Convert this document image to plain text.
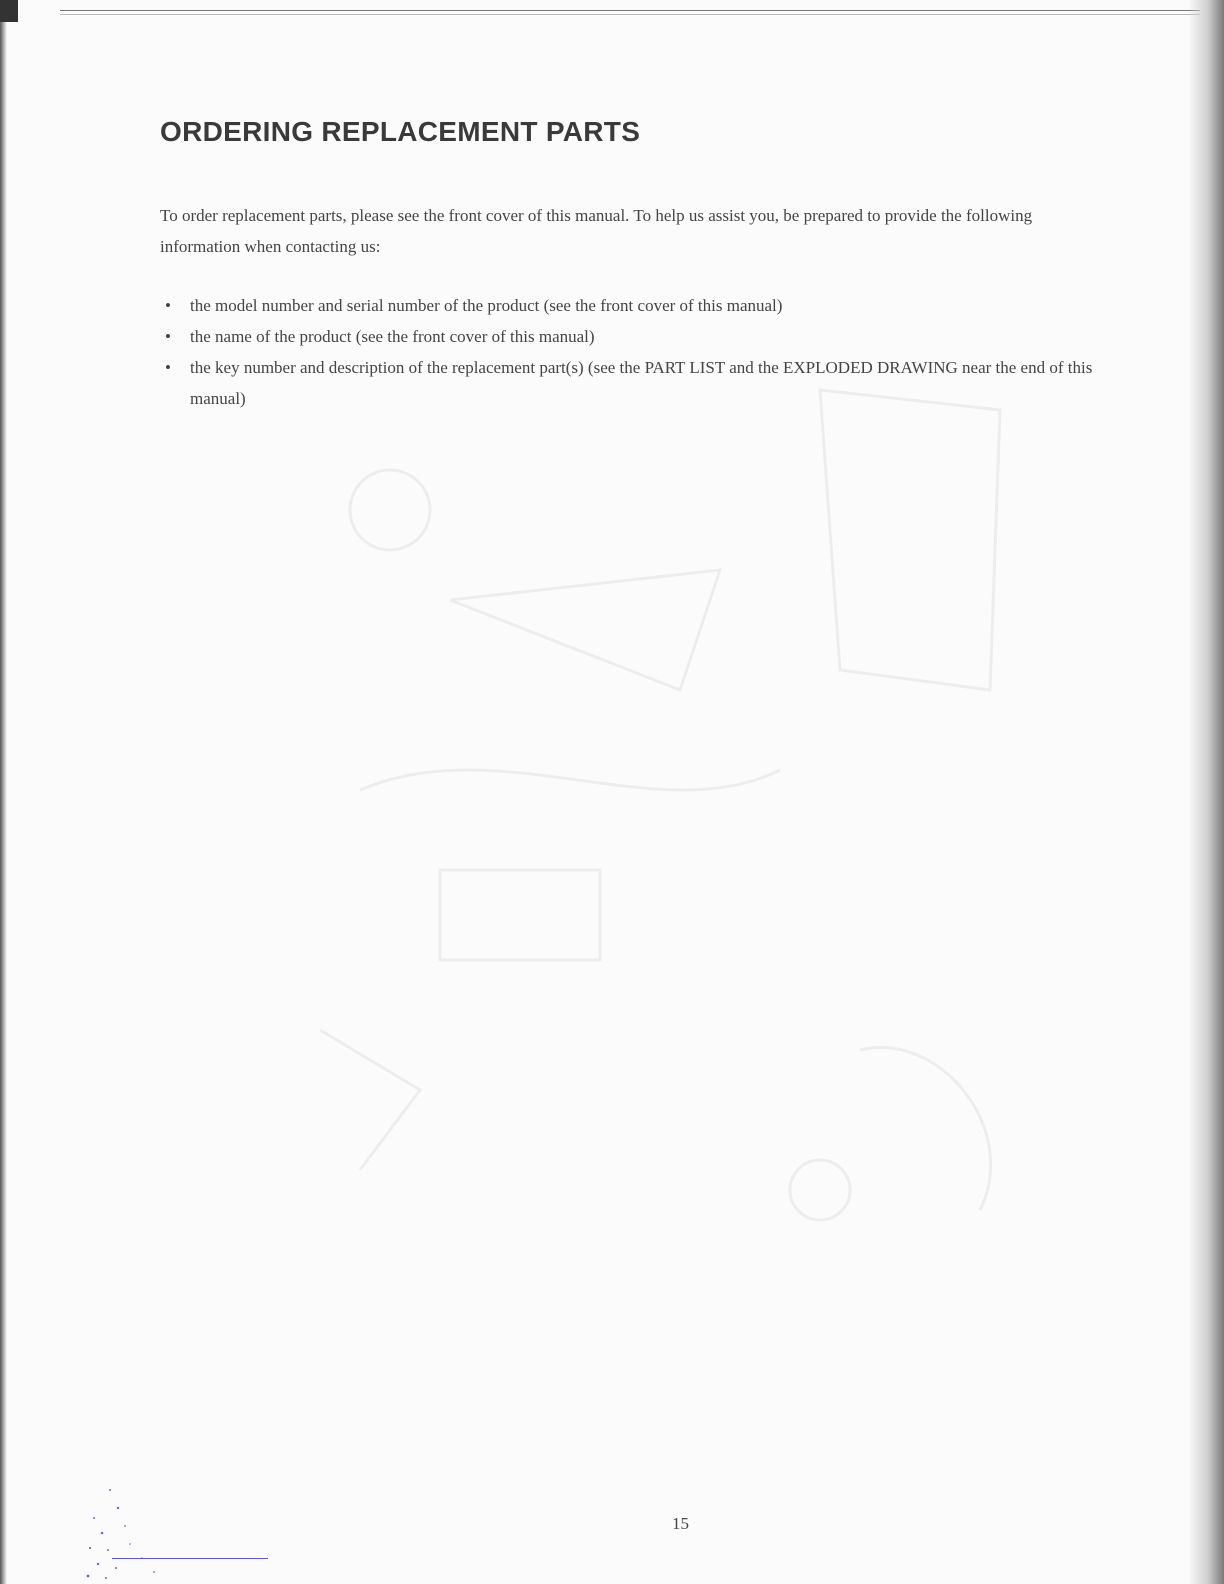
ORDERING REPLACEMENT PARTS

To order replacement parts, please see the front cover of this manual. To help us assist you, be prepared to provide the following information when contacting us:

• the model number and serial number of the product (see the front cover of this manual)
• the name of the product (see the front cover of this manual)
• the key number and description of the replacement part(s) (see the PART LIST and the EXPLODED DRAWING near the end of this manual)
15
